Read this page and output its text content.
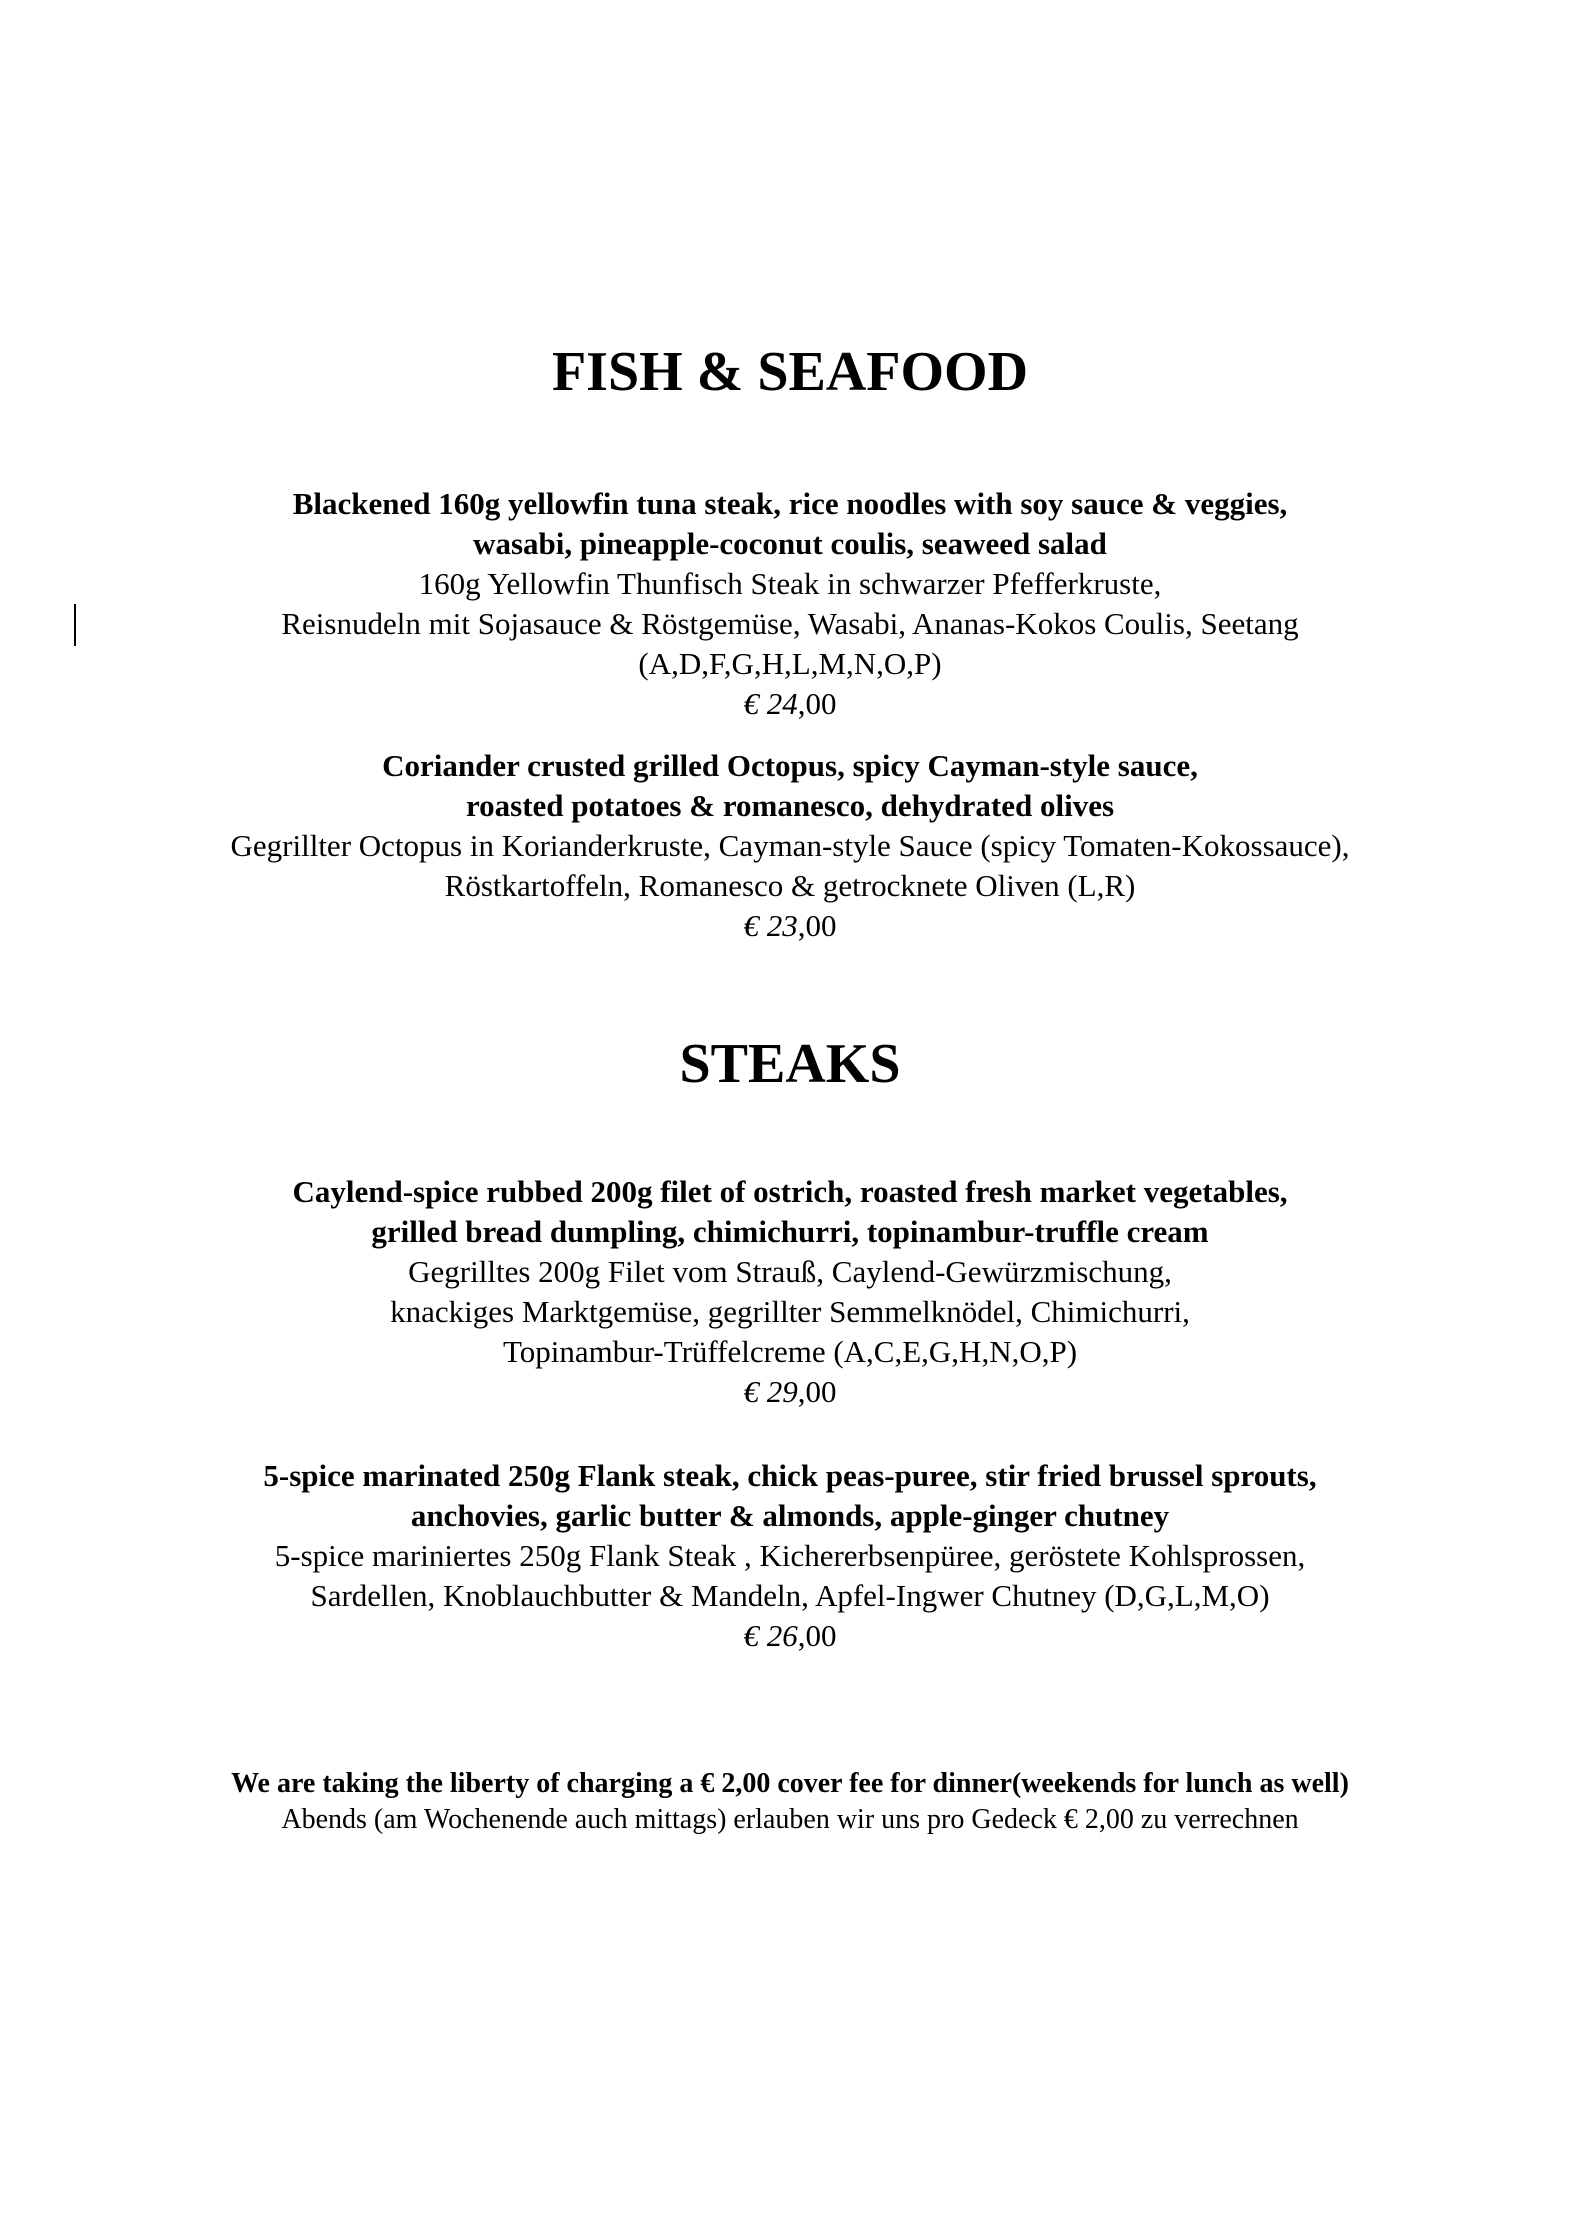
FISH & SEAFOOD
Blackened 160g yellowfin tuna steak, rice noodles with soy sauce & veggies,
wasabi, pineapple-coconut coulis, seaweed salad
160g Yellowfin Thunfisch Steak in schwarzer Pfefferkruste,
Reisnudeln mit Sojasauce & Röstgemüse, Wasabi, Ananas-Kokos Coulis, Seetang
(A,D,F,G,H,L,M,N,O,P)
€ 24,00
Coriander crusted grilled Octopus, spicy Cayman-style sauce,
roasted potatoes & romanesco, dehydrated olives
Gegrillter Octopus in Korianderkruste, Cayman-style Sauce (spicy Tomaten-Kokossauce),
Röstkartoffeln, Romanesco & getrocknete Oliven (L,R)
€ 23,00
STEAKS
Caylend-spice rubbed 200g filet of ostrich, roasted fresh market vegetables,
grilled bread dumpling, chimichurri, topinambur-truffle cream
Gegrilltes 200g Filet vom Strauß, Caylend-Gewürzmischung,
knackiges Marktgemüse, gegrillter Semmelknödel, Chimichurri,
Topinambur-Trüffelcreme (A,C,E,G,H,N,O,P)
€ 29,00
5-spice marinated 250g Flank steak, chick peas-puree, stir fried brussel sprouts,
anchovies, garlic butter & almonds, apple-ginger chutney
5-spice mariniertes 250g Flank Steak , Kichererbsenpüree, geröstete Kohlsprossen,
Sardellen, Knoblauchbutter & Mandeln, Apfel-Ingwer Chutney (D,G,L,M,O)
€ 26,00
We are taking the liberty of charging a € 2,00 cover fee for dinner(weekends for lunch as well)
Abends (am Wochenende auch mittags) erlauben wir uns pro Gedeck € 2,00 zu verrechnen
